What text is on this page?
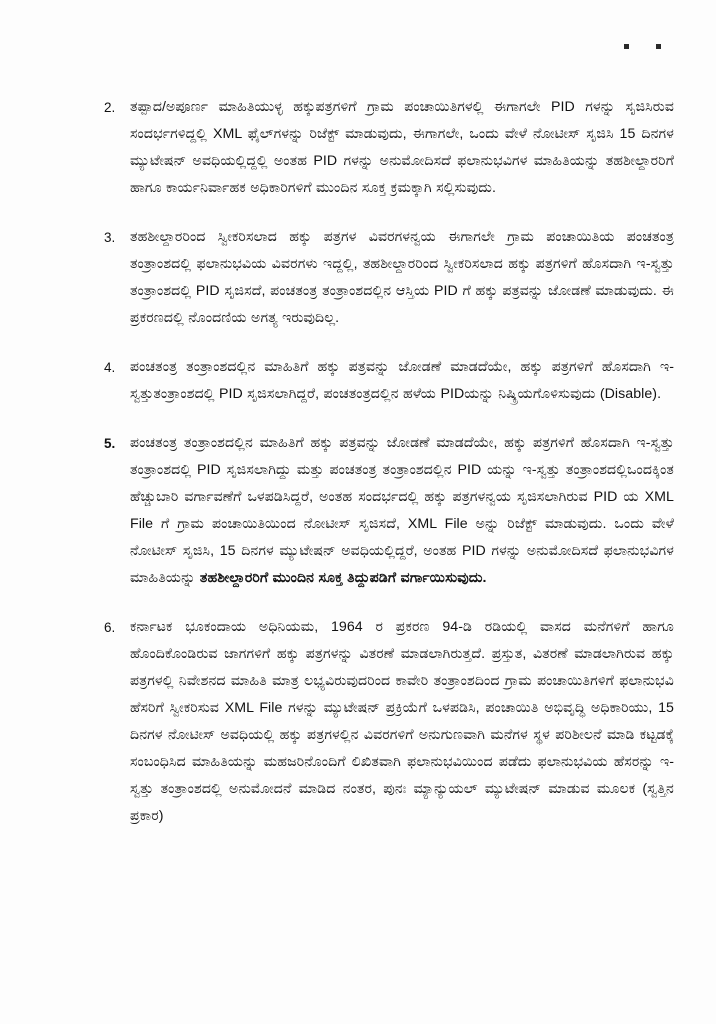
2.	ತಪ್ಪಾದ/ಅಪೂರ್ಣ ಮಾಹಿತಿಯುಳ್ಳ ಹಕ್ಕುಪತ್ರಗಳಿಗೆ ಗ್ರಾಮ ಪಂಚಾಯಿತಿಗಳಲ್ಲಿ ಈಗಾಗಲೇ PID ಗಳನ್ನು ಸೃಜಿಸಿರುವ ಸಂದರ್ಭಗಳಿದ್ದಲ್ಲಿ XML ಫೈಲ್‌ಗಳನ್ನು ರಿಜೆಕ್ಟ್ ಮಾಡುವುದು, ಈಗಾಗಲೇ, ಒಂದು ವೇಳೆ ನೋಟೀಸ್ ಸೃಜಿಸಿ 15 ದಿನಗಳ ಮ್ಯುಟೇಷನ್ ಅವಧಿಯಲ್ಲಿದ್ದಲ್ಲಿ ಅಂತಹ PID ಗಳನ್ನು ಅನುಮೋದಿಸದೆ ಫಲಾನುಭವಿಗಳ ಮಾಹಿತಿಯನ್ನು ತಹಶೀಲ್ದಾರರಿಗೆ ಹಾಗೂ ಕಾರ್ಯನಿರ್ವಾಹಕ ಅಧಿಕಾರಿಗಳಿಗೆ ಮುಂದಿನ ಸೂಕ್ತ ಕ್ರಮಕ್ಕಾಗಿ ಸಲ್ಲಿಸುವುದು.
3.	ತಹಶೀಲ್ದಾರರಿಂದ ಸ್ವೀಕರಿಸಲಾದ ಹಕ್ಕು ಪತ್ರಗಳ ವಿವರಗಳನ್ವಯ ಈಗಾಗಲೇ ಗ್ರಾಮ ಪಂಚಾಯಿತಿಯ ಪಂಚತಂತ್ರ ತಂತ್ರಾಂಶದಲ್ಲಿ ಫಲಾನುಭವಿಯ ವಿವರಗಳು ಇದ್ದಲ್ಲಿ, ತಹಶೀಲ್ದಾರರಿಂದ ಸ್ವೀಕರಿಸಲಾದ ಹಕ್ಕು ಪತ್ರಗಳಿಗೆ ಹೊಸದಾಗಿ ಇ-ಸ್ವತ್ತು ತಂತ್ರಾಂಶದಲ್ಲಿ PID ಸೃಜಿಸದೆ, ಪಂಚತಂತ್ರ ತಂತ್ರಾಂಶದಲ್ಲಿನ ಆಸ್ತಿಯ PID ಗೆ ಹಕ್ಕು ಪತ್ರವನ್ನು ಜೋಡಣೆ ಮಾಡುವುದು. ಈ ಪ್ರಕರಣದಲ್ಲಿ ನೊಂದಣಿಯ ಅಗತ್ಯ ಇರುವುದಿಲ್ಲ.
4.	ಪಂಚತಂತ್ರ ತಂತ್ರಾಂಶದಲ್ಲಿನ ಮಾಹಿತಿಗೆ ಹಕ್ಕು ಪತ್ರವನ್ನು ಜೋಡಣೆ ಮಾಡದೆಯೇ, ಹಕ್ಕು ಪತ್ರಗಳಿಗೆ ಹೊಸದಾಗಿ ಇ-ಸ್ವತ್ತುತಂತ್ರಾಂಶದಲ್ಲಿ PID ಸೃಜಿಸಲಾಗಿದ್ದರೆ, ಪಂಚತಂತ್ರದಲ್ಲಿನ ಹಳೆಯ PIDಯನ್ನು ನಿಷ್ಕ್ರಿಯಗೊಳಿಸುವುದು (Disable).
5.	ಪಂಚತಂತ್ರ ತಂತ್ರಾಂಶದಲ್ಲಿನ ಮಾಹಿತಿಗೆ ಹಕ್ಕು ಪತ್ರವನ್ನು ಜೋಡಣೆ ಮಾಡದೆಯೇ, ಹಕ್ಕು ಪತ್ರಗಳಿಗೆ ಹೊಸದಾಗಿ ಇ-ಸ್ವತ್ತು ತಂತ್ರಾಂಶದಲ್ಲಿ PID ಸೃಜಿಸಲಾಗಿದ್ದು ಮತ್ತು ಪಂಚತಂತ್ರ ತಂತ್ರಾಂಶದಲ್ಲಿನ PID ಯನ್ನು ಇ-ಸ್ವತ್ತು ತಂತ್ರಾಂಶದಲ್ಲಿಒಂದಕ್ಕಿಂತ ಹೆಚ್ಚುಬಾರಿ ವರ್ಗಾವಣೆಗೆ ಒಳಪಡಿಸಿದ್ದರೆ, ಅಂತಹ ಸಂದರ್ಭದಲ್ಲಿ ಹಕ್ಕು ಪತ್ರಗಳನ್ವಯ ಸೃಜಿಸಲಾಗಿರುವ PID ಯ XML File ಗೆ ಗ್ರಾಮ ಪಂಚಾಯಿತಿಯಿಂದ ನೋಟೀಸ್ ಸೃಜಿಸದೆ, XML File ಅನ್ನು ರಿಜೆಕ್ಟ್ ಮಾಡುವುದು. ಒಂದು ವೇಳೆ ನೋಟೀಸ್ ಸೃಜಿಸಿ, 15 ದಿನಗಳ ಮ್ಯುಟೇಷನ್ ಅವಧಿಯಲ್ಲಿದ್ದರೆ, ಅಂತಹ PID ಗಳನ್ನು ಅನುಮೋದಿಸದೆ ಫಲಾನುಭವಿಗಳ ಮಾಹಿತಿಯನ್ನು ತಹಶೀಲ್ದಾರರಿಗೆ ಮುಂದಿನ ಸೂಕ್ತ ತಿದ್ದುಪಡಿಗೆ ವರ್ಗಾಯಿಸುವುದು.
6.	ಕರ್ನಾಟಕ ಭೂಕಂದಾಯ ಅಧಿನಿಯಮ, 1964 ರ ಪ್ರಕರಣ 94-ಡಿ ರಡಿಯಲ್ಲಿ ವಾಸದ ಮನೆಗಳಿಗೆ ಹಾಗೂ ಹೊಂದಿಕೊಂಡಿರುವ ಜಾಗಗಳಿಗೆ ಹಕ್ಕು ಪತ್ರಗಳನ್ನು ವಿತರಣೆ ಮಾಡಲಾಗಿರುತ್ತದೆ. ಪ್ರಸ್ತುತ, ವಿತರಣೆ ಮಾಡಲಾಗಿರುವ ಹಕ್ಕು ಪತ್ರಗಳಲ್ಲಿ ನಿವೇಶನದ ಮಾಹಿತಿ ಮಾತ್ರ ಲಭ್ಯವಿರುವುದರಿಂದ ಕಾವೇರಿ ತಂತ್ರಾಂಶದಿಂದ ಗ್ರಾಮ ಪಂಚಾಯಿತಿಗಳಿಗೆ ಫಲಾನುಭವಿ ಹೆಸರಿಗೆ ಸ್ವೀಕರಿಸುವ XML File ಗಳನ್ನು ಮ್ಯುಟೇಷನ್ ಪ್ರಕ್ರಿಯೆಗೆ ಒಳಪಡಿಸಿ, ಪಂಚಾಯಿತಿ ಅಭಿವೃದ್ಧಿ ಅಧಿಕಾರಿಯು, 15 ದಿನಗಳ ನೋಟೀಸ್ ಅವಧಿಯಲ್ಲಿ ಹಕ್ಕು ಪತ್ರಗಳಲ್ಲಿನ ವಿವರಗಳಿಗೆ ಅನುಗುಣವಾಗಿ ಮನೆಗಳ ಸ್ಥಳ ಪರಿಶೀಲನೆ ಮಾಡಿ ಕಟ್ಟಡಕ್ಕೆ ಸಂಬಂಧಿಸಿದ ಮಾಹಿತಿಯನ್ನು ಮಹಜರಿನೊಂದಿಗೆ ಲಿಖಿತವಾಗಿ ಫಲಾನುಭವಿಯಿಂದ ಪಡೆದು ಫಲಾನುಭವಿಯ ಹೆಸರನ್ನು ಇ-ಸ್ವತ್ತು ತಂತ್ರಾಂಶದಲ್ಲಿ ಅನುಮೋದನೆ ಮಾಡಿದ ನಂತರ, ಪುನಃ ಮ್ಯಾನ್ಯುಯಲ್ ಮ್ಯುಟೇಷನ್ ಮಾಡುವ ಮೂಲಕ (ಸ್ವತ್ತಿನ ಪ್ರಕಾರ)
